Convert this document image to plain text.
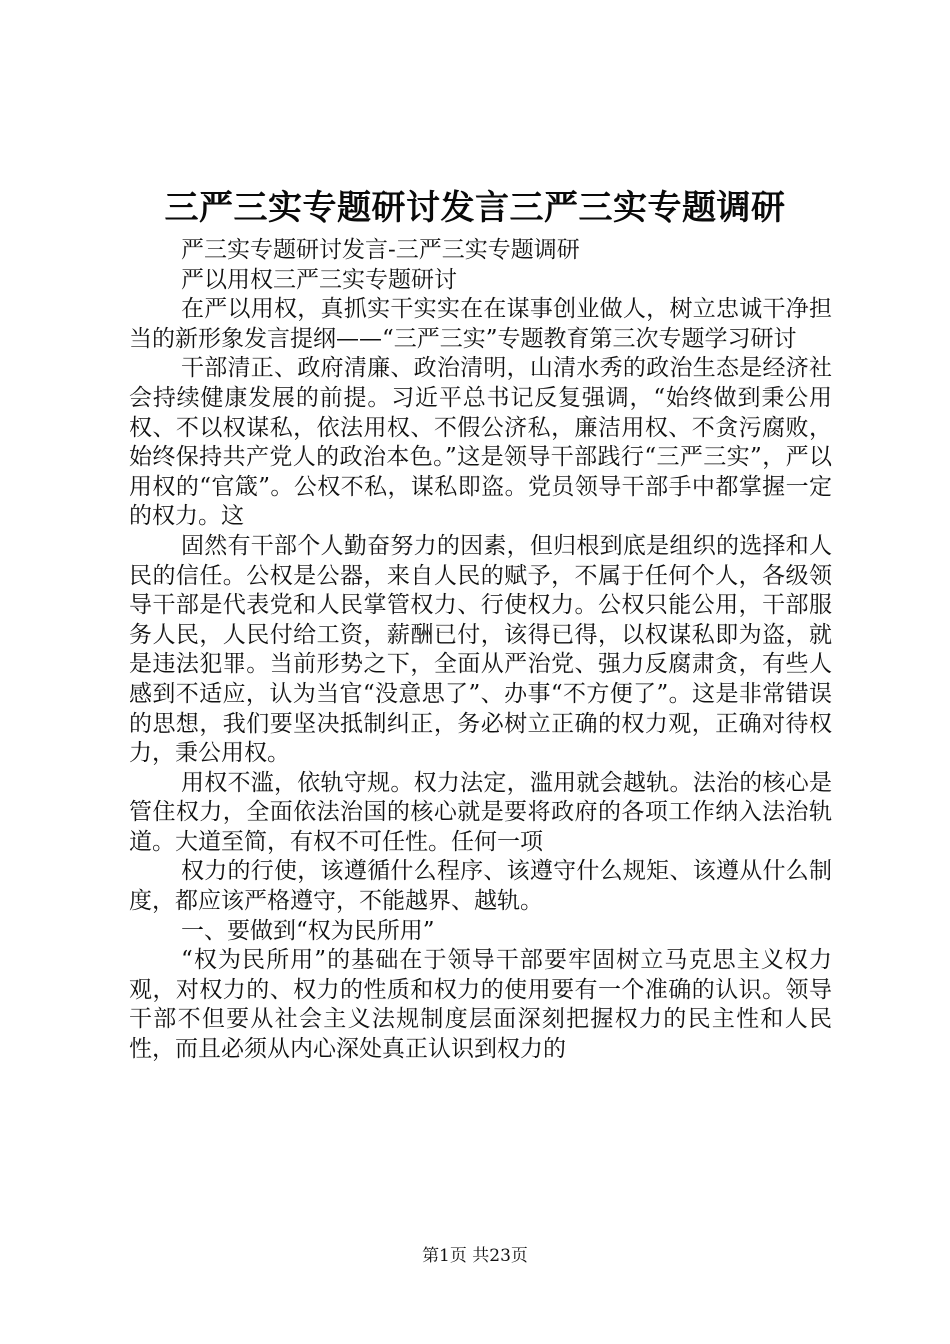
三严三实专题研讨发言三严三实专题调研

严三实专题研讨发言-三严三实专题调研

严以用权三严三实专题研讨

在严以用权，真抓实干实实在在谋事创业做人，树立忠诚干净担当的新形象发言提纲——“三严三实”专题教育第三次专题学习研讨

干部清正、政府清廉、政治清明，山清水秀的政治生态是经济社会持续健康发展的前提。习近平总书记反复强调，“始终做到秉公用权、不以权谋私，依法用权、不假公济私，廉洁用权、不贪污腐败，始终保持共产党人的政治本色。”这是领导干部践行“三严三实”，严以用权的“官箴”。公权不私，谋私即盗。党员领导干部手中都掌握一定的权力。这

固然有干部个人勤奋努力的因素，但归根到底是组织的选择和人民的信任。公权是公器，来自人民的赋予，不属于任何个人，各级领导干部是代表党和人民掌管权力、行使权力。公权只能公用，干部服务人民，人民付给工资，薪酬已付，该得已得，以权谋私即为盗，就是违法犯罪。当前形势之下，全面从严治党、强力反腐肃贪，有些人感到不适应，认为当官“没意思了”、办事“不方便了”。这是非常错误的思想，我们要坚决抵制纠正，务必树立正确的权力观，正确对待权力，秉公用权。

用权不滥，依轨守规。权力法定，滥用就会越轨。法治的核心是管住权力，全面依法治国的核心就是要将政府的各项工作纳入法治轨道。大道至简，有权不可任性。任何一项

权力的行使，该遵循什么程序、该遵守什么规矩、该遵从什么制度，都应该严格遵守，不能越界、越轨。

一、要做到“权为民所用”

“权为民所用”的基础在于领导干部要牢固树立马克思主义权力观，对权力的、权力的性质和权力的使用要有一个准确的认识。领导干部不但要从社会主义法规制度层面深刻把握权力的民主性和人民性，而且必须从内心深处真正认识到权力的

第1页 共23页
